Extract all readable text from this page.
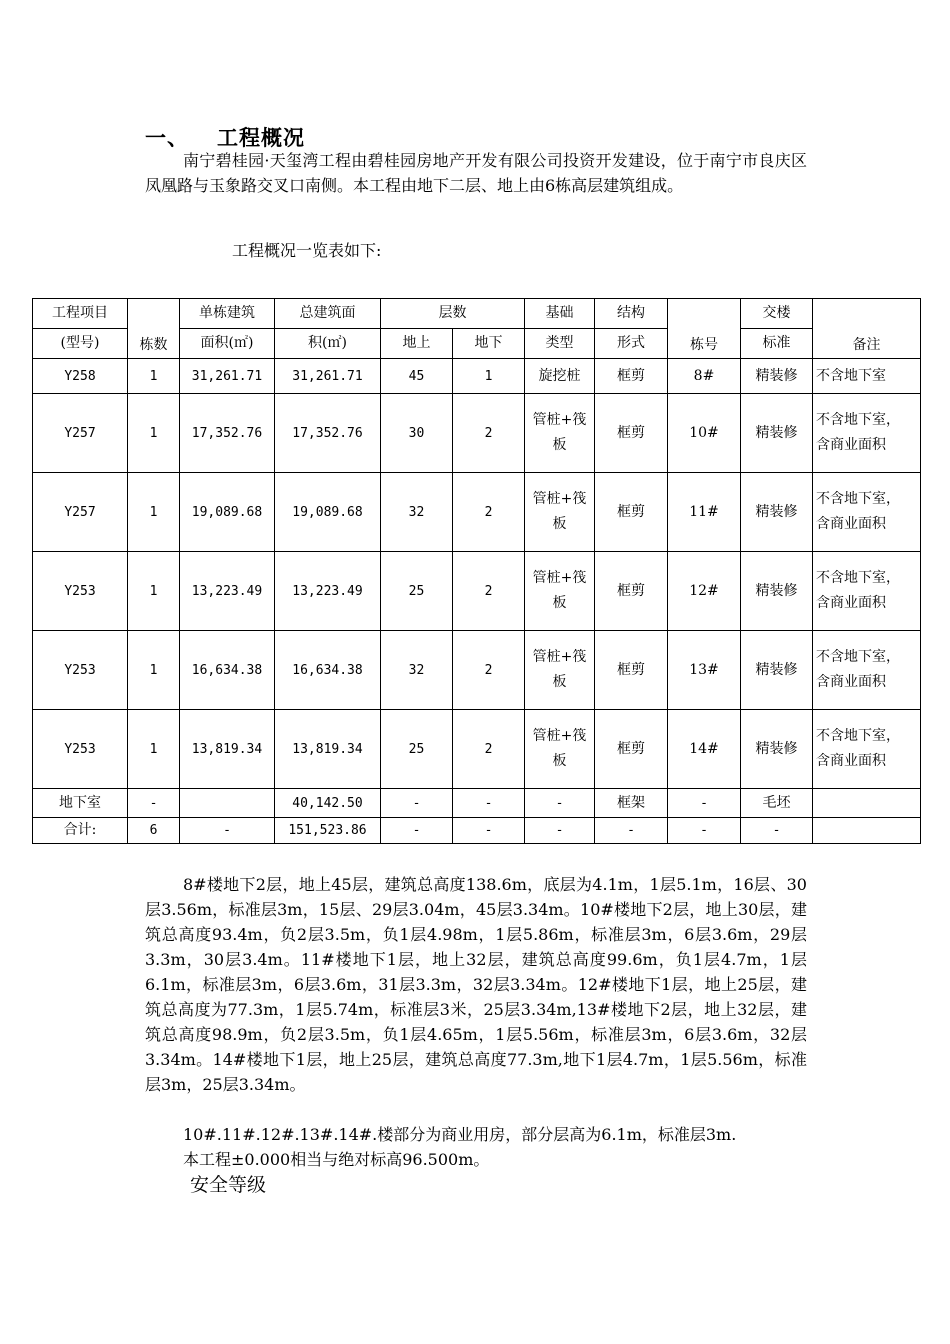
一、 工程概况
南宁碧桂园·天玺湾工程由碧桂园房地产开发有限公司投资开发建设，位于南宁市良庆区凤凰路与玉象路交叉口南侧。本工程由地下二层、地上由6栋高层建筑组成。
工程概况一览表如下:
工程项目	栋数	单栋建筑	总建筑面	层数		基础	结构	栋号	交楼	备注
(型号)		面积(㎡)	积(㎡)	地上	地下	类型	形式		标准	
Y258	1	31,261.71	31,261.71	45	1	旋挖桩	框剪	8#	精装修	不含地下室
Y257	1	17,352.76	17,352.76	30	2	管桩+筏板	框剪	10#	精装修	不含地下室， 含商业面积
Y257	1	19,089.68	19,089.68	32	2	管桩+筏板	框剪	11#	精装修	不含地下室， 含商业面积
Y253	1	13,223.49	13,223.49	25	2	管桩+筏板	框剪	12#	精装修	不含地下室， 含商业面积
Y253	1	16,634.38	16,634.38	32	2	管桩+筏板	框剪	13#	精装修	不含地下室， 含商业面积
Y253	1	13,819.34	13,819.34	25	2	管桩+筏板	框剪	14#	精装修	不含地下室， 含商业面积
地下室	-		40,142.50	-	-	-	框架	-	毛坯	
合计:	6	-	151,523.86	-	-	-	-	-	-	
8#楼地下2层，地上45层，建筑总高度138.6m，底层为4.1m，1层5.1m，16层、30层3.56m，标准层3m，15层、29层3.04m，45层3.34m。10#楼地下2层，地上30层，建筑总高度93.4m，负2层3.5m，负1层4.98m，1层5.86m，标准层3m，6层3.6m，29层3.3m，30层3.4m。11#楼地下1层，地上32层，建筑总高度99.6m，负1层4.7m，1层6.1m，标准层3m，6层3.6m，31层3.3m，32层3.34m。12#楼地下1层，地上25层，建筑总高度为77.3m，1层5.74m，标准层3米，25层3.34m,13#楼地下2层，地上32层，建筑总高度98.9m，负2层3.5m，负1层4.65m，1层5.56m，标准层3m，6层3.6m，32层3.34m。14#楼地下1层，地上25层，建筑总高度77.3m,地下1层4.7m，1层5.56m，标准层3m，25层3.34m。
10#.11#.12#.13#.14#.楼部分为商业用房，部分层高为6.1m，标准层3m.
本工程±0.000相当与绝对标高96.500m。
安全等级
